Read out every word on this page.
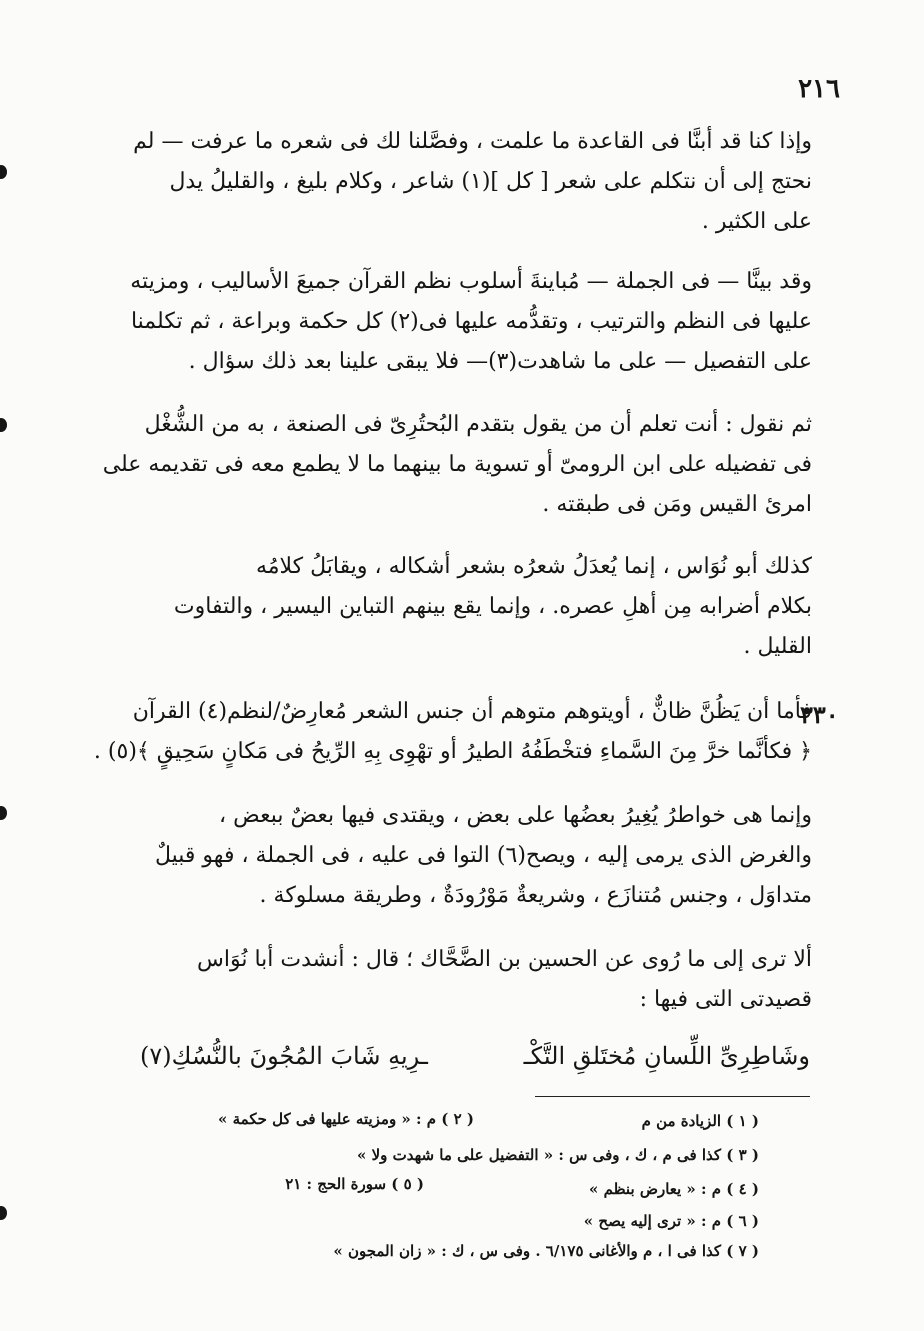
٢١٦
٣٣٠
وإذا كنا قد أبنَّا فى القاعدة ما علمت ، وفصَّلنا لك فى شعره ما عرفت — لم
نحتج إلى أن نتكلم على شعر [ كل ](١) شاعر ، وكلام بليغ ، والقليلُ يدل
على الكثير .
وقد بينَّا — فى الجملة — مُباينةَ أسلوب نظم القرآن جميعَ الأساليب ، ومزيته
عليها فى النظم والترتيب ، وتقدُّمه عليها فى(٢) كل حكمة وبراعة ، ثم تكلمنا
على التفصيل — على ما شاهدت(٣)— فلا يبقى علينا بعد ذلك سؤال .
ثم نقول : أنت تعلم أن من يقول بتقدم البُحتُرِىّ فى الصنعة ، به من الشُّغْل
فى تفضيله على ابن الرومىّ أو تسوية ما بينهما ما لا يطمع معه فى تقديمه على
امرئ القيس ومَن فى طبقته .
كذلك أبو نُوَاس ، إنما يُعدَلُ شعرُه بشعر أشكاله ، ويقابَلُ كلامُه
بكلام أضرابه مِن أهلِ عصره. ، وإنما يقع بينهم التباين اليسير ، والتفاوت
القليل .
فأما أن يَظُنَّ ظانٌّ ، أويتوهم متوهم أن جنس الشعر مُعارِضٌ/لنظم(٤) القرآن
﴿ فكأنَّما خرَّ مِنَ السَّماءِ فتخْطَفُهُ الطيرُ أو تهْوِى بِهِ الرِّيحُ فى مَكانٍ سَحِيقٍ ﴾(٥) .
وإنما هى خواطرُ يُغِيرُ بعضُها على بعض ، ويقتدى فيها بعضٌ ببعض ،
والغرض الذى يرمى إليه ، ويصح(٦) التوا فى عليه ، فى الجملة ، فهو قبيلٌ
متداوَل ، وجنس مُتنازَع ، وشريعةٌ مَوْرُودَةٌ ، وطريقة مسلوكة .
ألا ترى إلى ما رُوى عن الحسين بن الضَّحَّاك ؛ قال : أنشدت أبا نُوَاس
قصيدتى التى فيها :
وشَاطِرِىِّ اللِّسانِ مُختَلقِ التَّكْـ
ـرِيهِ شَابَ المُجُونَ بالنُّسُكِ(٧)
( ١ ) الزيادة من م
( ٢ ) م : « ومزيته عليها فى كل حكمة »
( ٣ ) كذا فى م ، ك ، وفى س : « التفضيل على ما شهدت ولا »
( ٤ ) م : « يعارض بنظم »
( ٥ ) سورة الحج : ٢١
( ٦ ) م : « ترى إليه يصح »
( ٧ ) كذا فى ا ، م والأغانى ٦/١٧٥ . وفى س ، ك : « زان المجون »
